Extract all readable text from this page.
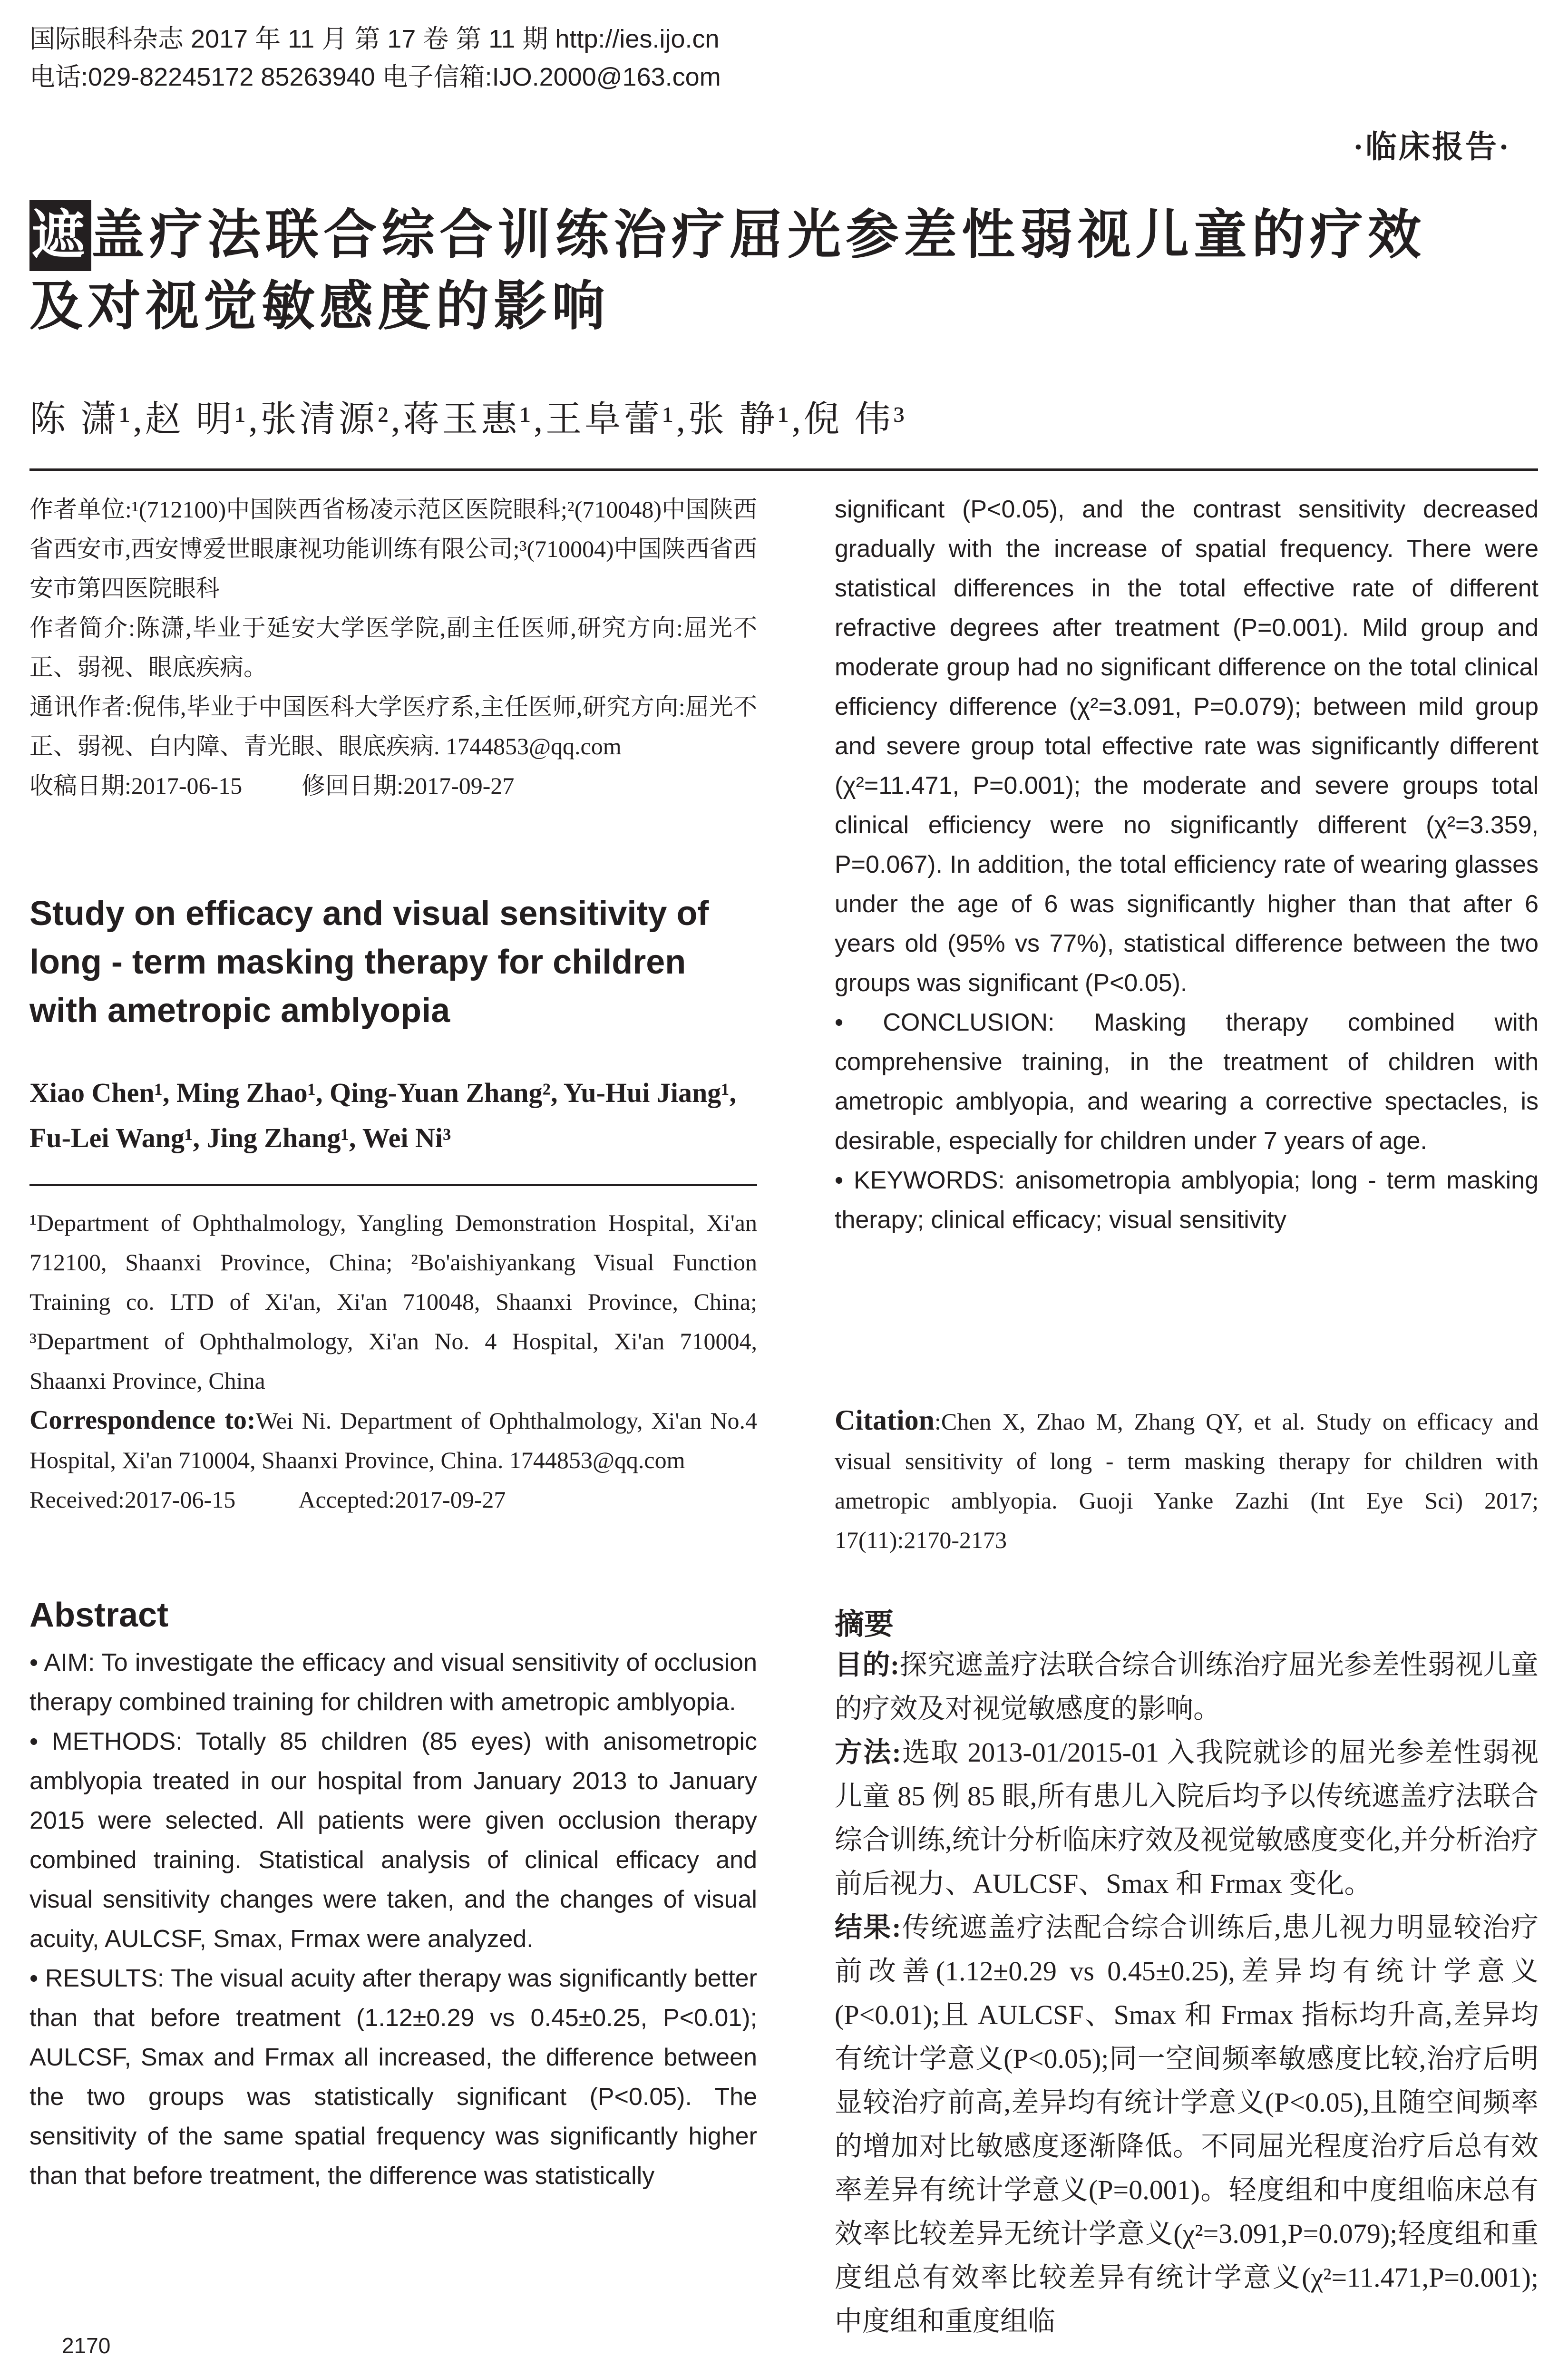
国际眼科杂志 2017 年 11 月 第 17 卷 第 11 期 http://ies.ijo.cn
电话:029-82245172 85263940 电子信箱:IJO.2000@163.com
·临床报告·
遮盖疗法联合综合训练治疗屈光参差性弱视儿童的疗效
及对视觉敏感度的影响
陈 潇¹,赵 明¹,张清源²,蒋玉惠¹,王阜蕾¹,张 静¹,倪 伟³

作者单位:¹(712100)中国陕西省杨凌示范区医院眼科;²(710048)中国陕西省西安市,西安博爱世眼康视功能训练有限公司;³(710004)中国陕西省西安市第四医院眼科

作者简介:陈潇,毕业于延安大学医学院,副主任医师,研究方向:屈光不正、弱视、眼底疾病。

通讯作者:倪伟,毕业于中国医科大学医疗系,主任医师,研究方向:屈光不正、弱视、白内障、青光眼、眼底疾病. 1744853@qq.com

收稿日期:2017-06-15	修回日期:2017-09-27

Study on efficacy and visual sensitivity of long - term masking therapy for children with ametropic amblyopia
Xiao Chen¹, Ming Zhao¹, Qing-Yuan Zhang², Yu-Hui Jiang¹, Fu-Lei Wang¹, Jing Zhang¹, Wei Ni³

¹Department of Ophthalmology, Yangling Demonstration Hospital, Xi'an 712100, Shaanxi Province, China; ²Bo'aishiyankang Visual Function Training co. LTD of Xi'an, Xi'an 710048, Shaanxi Province, China; ³Department of Ophthalmology, Xi'an No. 4 Hospital, Xi'an 710004, Shaanxi Province, China

Correspondence to:Wei Ni. Department of Ophthalmology, Xi'an No.4 Hospital, Xi'an 710004, Shaanxi Province, China. 1744853@qq.com

Received:2017-06-15	Accepted:2017-09-27

Abstract

• AIM: To investigate the efficacy and visual sensitivity of occlusion therapy combined training for children with ametropic amblyopia.

• METHODS: Totally 85 children (85 eyes) with anisometropic amblyopia treated in our hospital from January 2013 to January 2015 were selected. All patients were given occlusion therapy combined training. Statistical analysis of clinical efficacy and visual sensitivity changes were taken, and the changes of visual acuity, AULCSF, Smax, Frmax were analyzed.

• RESULTS: The visual acuity after therapy was significantly better than that before treatment (1.12±0.29 vs 0.45±0.25, P<0.01); AULCSF, Smax and Frmax all increased, the difference between the two groups was statistically significant (P<0.05). The sensitivity of the same spatial frequency was significantly higher than that before treatment, the difference was statistically

2170

significant (P<0.05), and the contrast sensitivity decreased gradually with the increase of spatial frequency. There were statistical differences in the total effective rate of different refractive degrees after treatment (P=0.001). Mild group and moderate group had no significant difference on the total clinical efficiency difference (χ²=3.091, P=0.079); between mild group and severe group total effective rate was significantly different (χ²=11.471, P=0.001); the moderate and severe groups total clinical efficiency were no significantly different (χ²=3.359, P=0.067). In addition, the total efficiency rate of wearing glasses under the age of 6 was significantly higher than that after 6 years old (95% vs 77%), statistical difference between the two groups was significant (P<0.05).

• CONCLUSION: Masking therapy combined with comprehensive training, in the treatment of children with ametropic amblyopia, and wearing a corrective spectacles, is desirable, especially for children under 7 years of age.

• KEYWORDS: anisometropia amblyopia; long - term masking therapy; clinical efficacy; visual sensitivity

Citation:Chen X, Zhao M, Zhang QY, et al. Study on efficacy and visual sensitivity of long - term masking therapy for children with ametropic amblyopia. Guoji Yanke Zazhi (Int Eye Sci) 2017; 17(11):2170-2173

摘要

目的:探究遮盖疗法联合综合训练治疗屈光参差性弱视儿童的疗效及对视觉敏感度的影响。

方法:选取 2013-01/2015-01 入我院就诊的屈光参差性弱视儿童 85 例 85 眼,所有患儿入院后均予以传统遮盖疗法联合综合训练,统计分析临床疗效及视觉敏感度变化,并分析治疗前后视力、AULCSF、Smax 和 Frmax 变化。

结果:传统遮盖疗法配合综合训练后,患儿视力明显较治疗前改善(1.12±0.29 vs 0.45±0.25),差异均有统计学意义(P<0.01);且 AULCSF、Smax 和 Frmax 指标均升高,差异均有统计学意义(P<0.05);同一空间频率敏感度比较,治疗后明显较治疗前高,差异均有统计学意义(P<0.05),且随空间频率的增加对比敏感度逐渐降低。不同屈光程度治疗后总有效率差异有统计学意义(P=0.001)。轻度组和中度组临床总有效率比较差异无统计学意义(χ²=3.091,P=0.079);轻度组和重度组总有效率比较差异有统计学意义(χ²=11.471,P=0.001);中度组和重度组临
